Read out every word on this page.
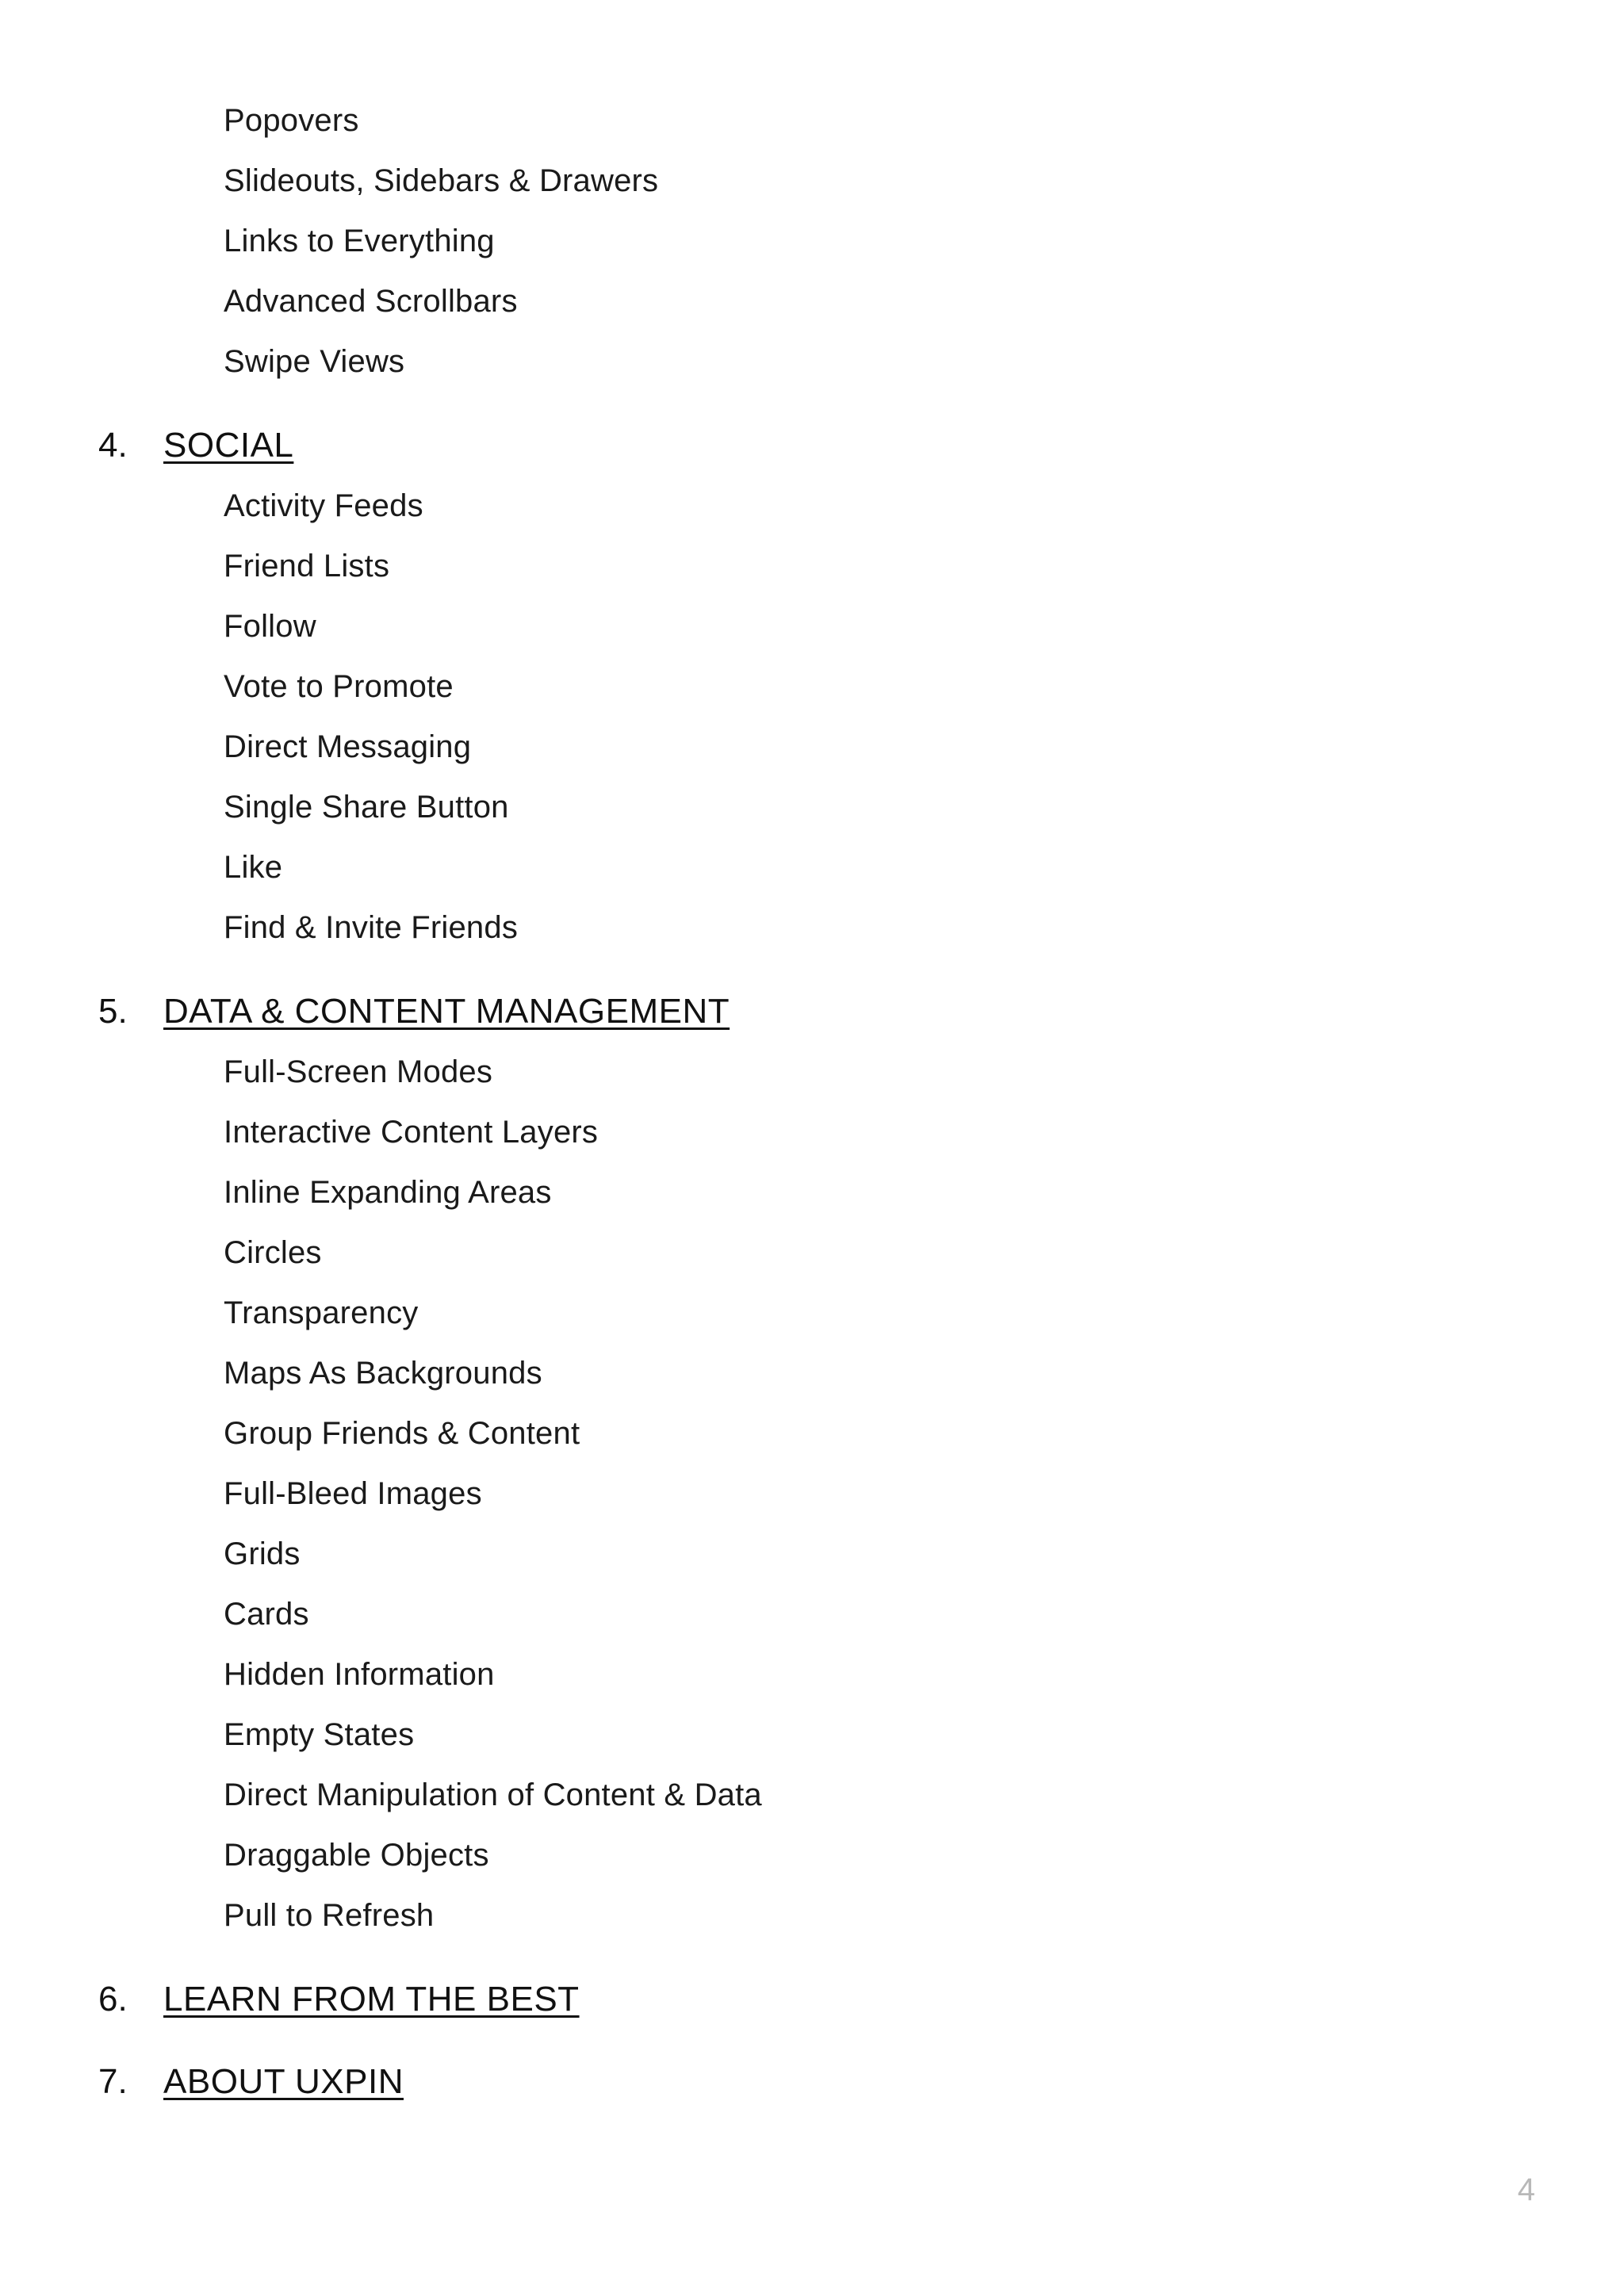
Popovers
Slideouts, Sidebars & Drawers
Links to Everything
Advanced Scrollbars
Swipe Views
4. SOCIAL
Activity Feeds
Friend Lists
Follow
Vote to Promote
Direct Messaging
Single Share Button
Like
Find & Invite Friends
5. DATA & CONTENT MANAGEMENT
Full-Screen Modes
Interactive Content Layers
Inline Expanding Areas
Circles
Transparency
Maps As Backgrounds
Group Friends & Content
Full-Bleed Images
Grids
Cards
Hidden Information
Empty States
Direct Manipulation of Content & Data
Draggable Objects
Pull to Refresh
6. LEARN FROM THE BEST
7. ABOUT UXPIN
4
